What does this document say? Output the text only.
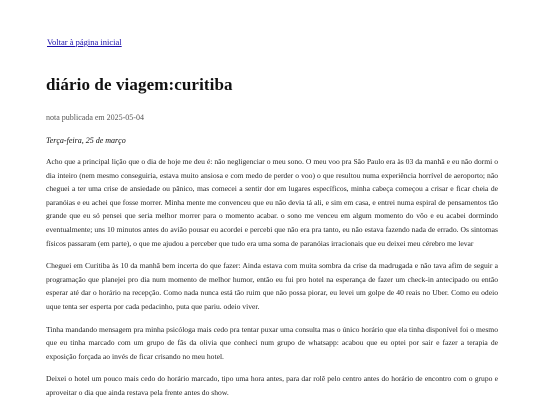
Voltar à página inicial
diário de viagem:curitiba
nota publicada em 2025-05-04
Terça-feira, 25 de março

Acho que a principal lição que o dia de hoje me deu é: não negligenciar o meu sono. O meu voo pra São Paulo era às 03 da manhã e eu não dormi o dia inteiro (nem mesmo conseguiria, estava muito ansiosa e com medo de perder o voo) o que resultou numa experiência horrível de aeroporto; não cheguei a ter uma crise de ansiedade ou pânico, mas comecei a sentir dor em lugares específicos, minha cabeça começou a crisar e ficar cheia de paranóias e eu achei que fosse morrer. Minha mente me convenceu que eu não devia tá ali, e sim em casa, e entrei numa espiral de pensamentos tão grande que eu só pensei que seria melhor morrer para o momento acabar. o sono me venceu em algum momento do vôo e eu acabei dormindo eventualmente; uns 10 minutos antes do avião pousar eu acordei e percebi que não era pra tanto, eu não estava fazendo nada de errado. Os sintomas físicos passaram (em parte), o que me ajudou a perceber que tudo era uma soma de paranóias irracionais que eu deixei meu cérebro me levar

Cheguei em Curitiba às 10 da manhã bem incerta do que fazer: Ainda estava com muita sombra da crise da madrugada e não tava afim de seguir a programação que planejei pro dia num momento de melhor humor, então eu fui pro hotel na esperança de fazer um check-in antecipado ou então esperar até dar o horário na recepção. Como nada nunca está tão ruim que não possa piorar, eu levei um golpe de 40 reais no Uber. Como eu odeio uque tenta ser esperta por cada pedacinho, puta que pariu. odeio viver.

Tinha mandando mensagem pra minha psicóloga mais cedo pra tentar puxar uma consulta mas o único horário que ela tinha disponível foi o mesmo que eu tinha marcado com um grupo de fãs da olivia que conheci num grupo de whatsapp: acabou que eu optei por sair e fazer a terapia de exposição forçada ao invés de ficar crisando no meu hotel.

Deixei o hotel um pouco mais cedo do horário marcado, tipo uma hora antes, para dar rolê pelo centro antes do horário de encontro com o grupo e aproveitar o dia que ainda restava pela frente antes do show.
